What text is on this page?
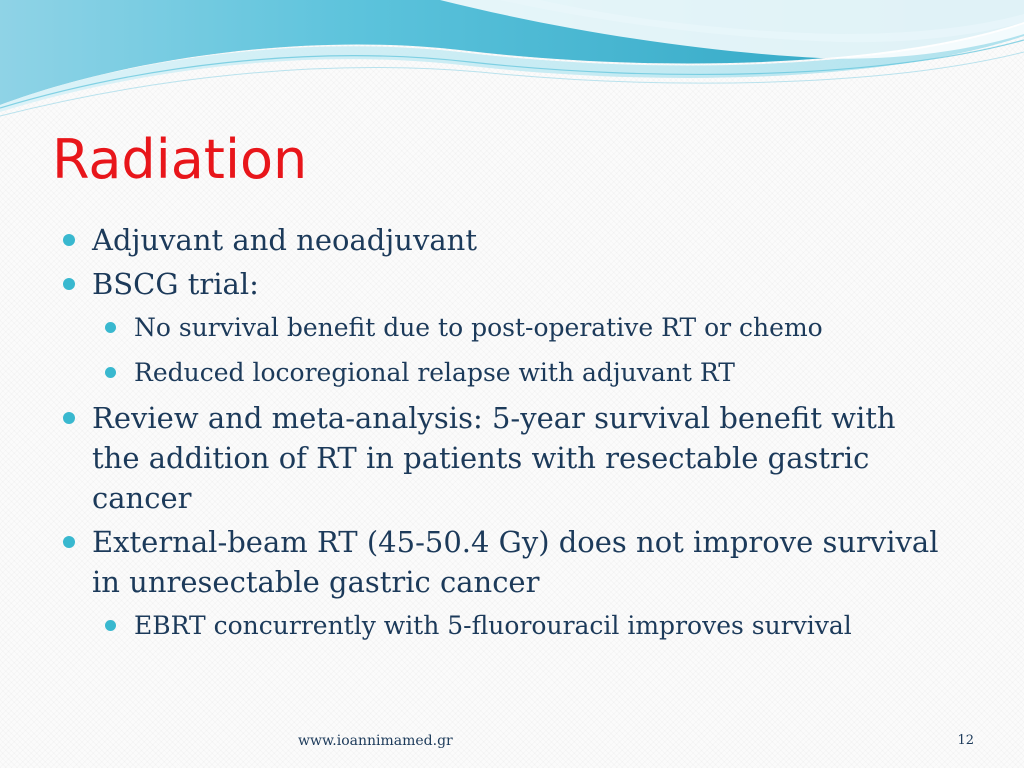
Radiation
Adjuvant and neoadjuvant
BSCG trial:
No survival benefit due to post-operative RT or chemo
Reduced locoregional relapse with adjuvant RT
Review and meta-analysis: 5-year survival benefit with the addition of RT in patients with resectable gastric cancer
External-beam RT (45-50.4 Gy) does not improve survival in unresectable gastric cancer
EBRT concurrently with 5-fluorouracil improves survival
www.ioannimamed.gr	12
